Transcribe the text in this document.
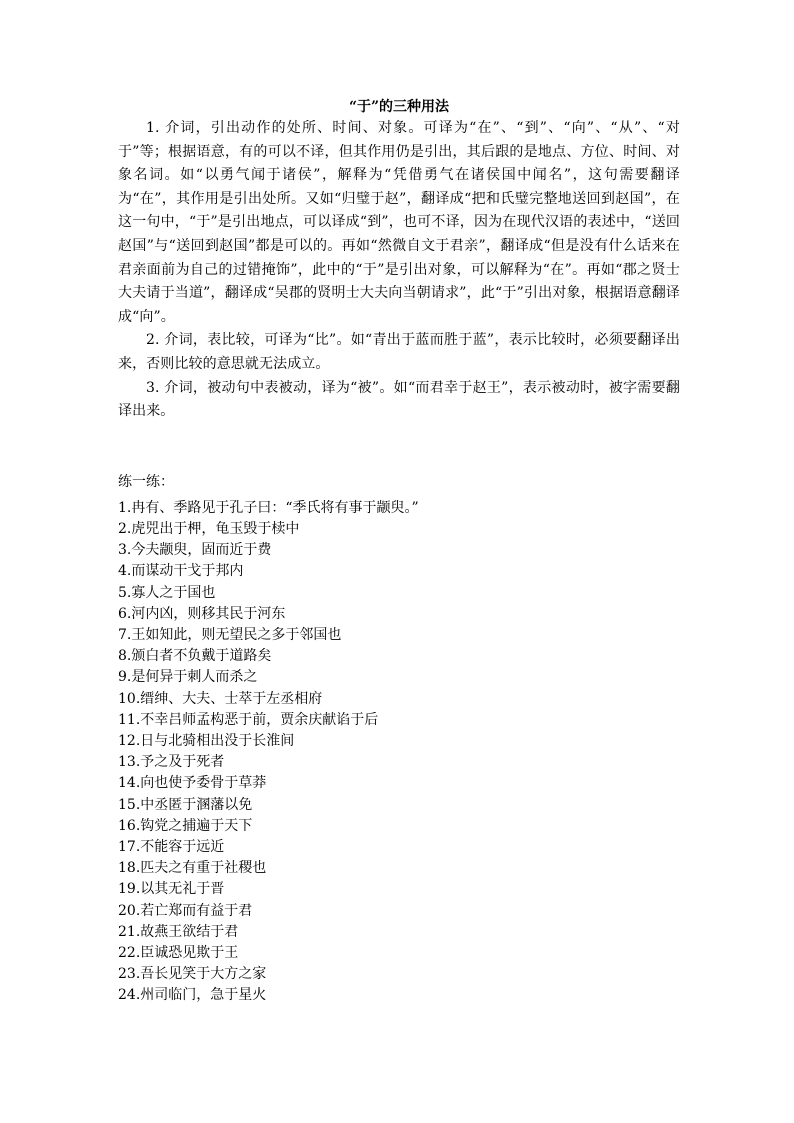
“于”的三种用法

1. 介词，引出动作的处所、时间、对象。可译为“在”、“到”、“向”、“从”、“对于”等；根据语意，有的可以不译，但其作用仍是引出，其后跟的是地点、方位、时间、对象名词。如“以勇气闻于诸侯”，解释为“凭借勇气在诸侯国中闻名”，这句需要翻译为“在”，其作用是引出处所。又如“归璧于赵”，翻译成“把和氏璧完整地送回到赵国”，在这一句中，“于”是引出地点，可以译成“到”，也可不译，因为在现代汉语的表述中，“送回赵国”与“送回到赵国”都是可以的。再如“然微自文于君亲”，翻译成“但是没有什么话来在君亲面前为自己的过错掩饰”，此中的“于”是引出对象，可以解释为“在”。再如“郡之贤士大夫请于当道”，翻译成“吴郡的贤明士大夫向当朝请求”，此“于”引出对象，根据语意翻译成“向”。

2. 介词，表比较，可译为“比”。如“青出于蓝而胜于蓝”，表示比较时，必须要翻译出来，否则比较的意思就无法成立。

3. 介词，被动句中表被动，译为“被”。如“而君幸于赵王”，表示被动时，被字需要翻译出来。

练一练：

1.冉有、季路见于孔子曰：“季氏将有事于颛臾。”
2.虎兕出于柙，龟玉毁于椟中
3.今夫颛臾，固而近于费
4.而谋动干戈于邦内
5.寡人之于国也
6.河内凶，则移其民于河东
7.王如知此，则无望民之多于邻国也
8.颁白者不负戴于道路矣
9.是何异于刺人而杀之
10.缙绅、大夫、士萃于左丞相府
11.不幸吕师孟构恶于前，贾余庆献谄于后
12.日与北骑相出没于长淮间
13.予之及于死者
14.向也使予委骨于草莽
15.中丞匿于溷藩以免
16.钩党之捕遍于天下
17.不能容于远近
18.匹夫之有重于社稷也
19.以其无礼于晋
20.若亡郑而有益于君
21.故燕王欲结于君
22.臣诚恐见欺于王
23.吾长见笑于大方之家
24.州司临门，急于星火
